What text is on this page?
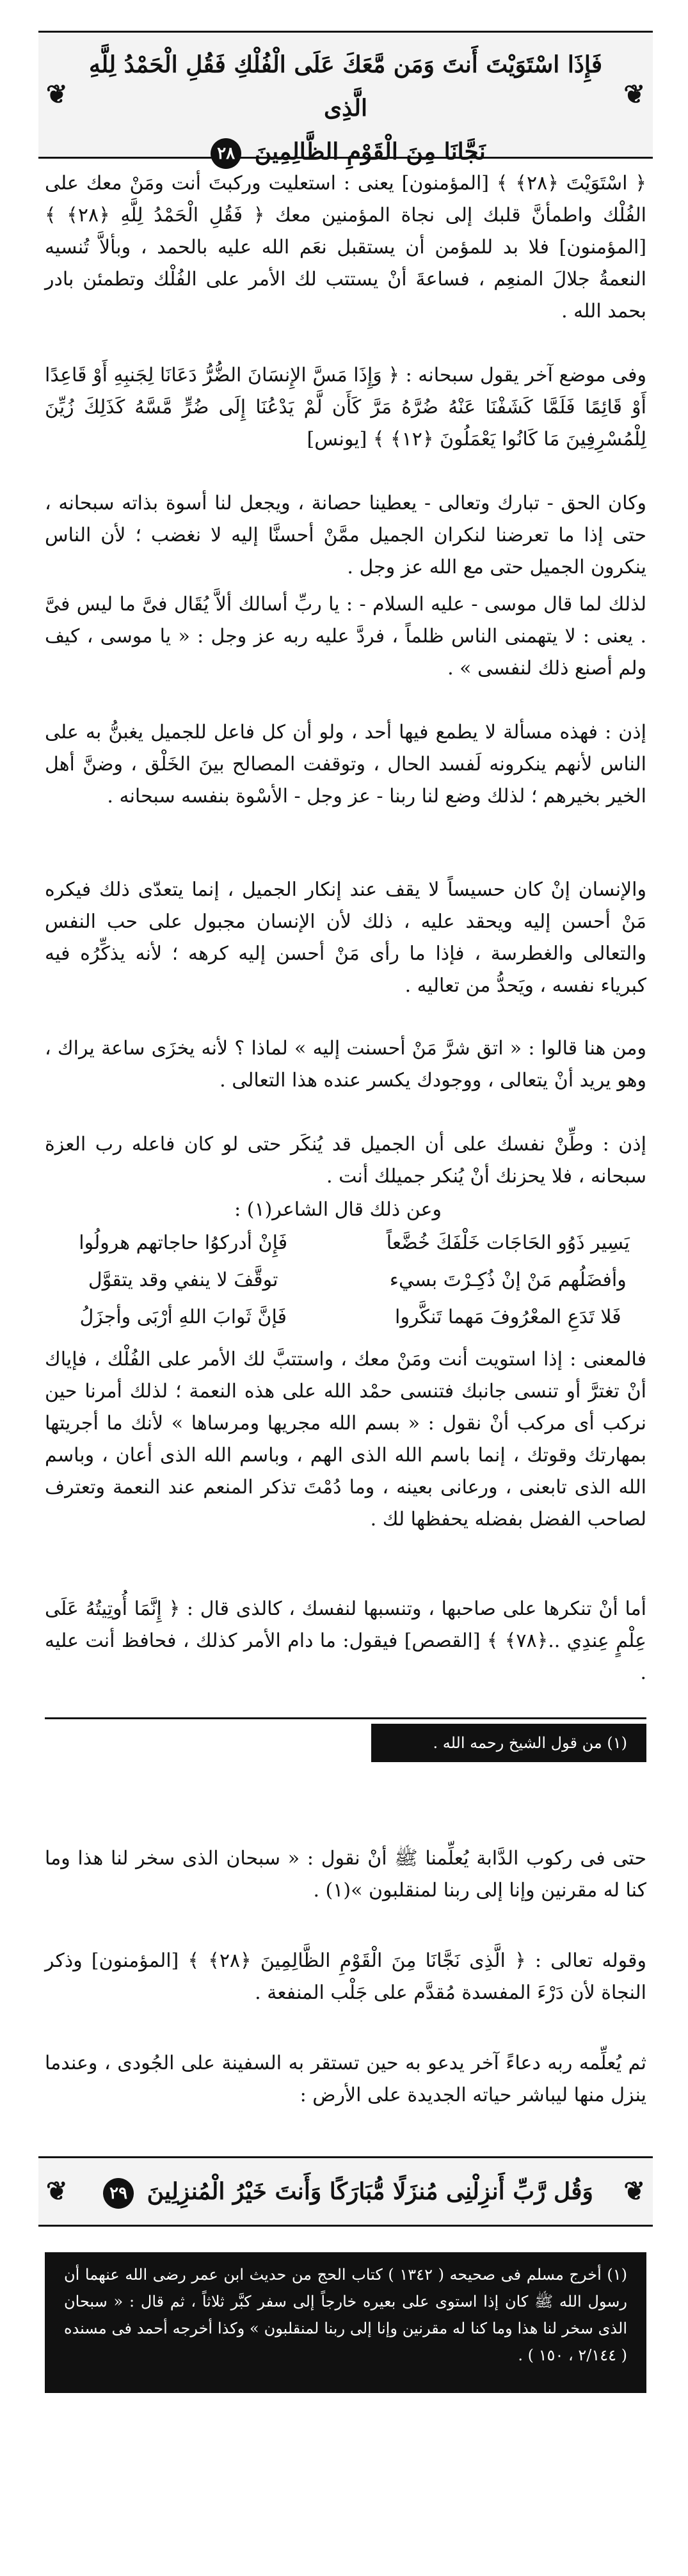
❦
❦
فَإِذَا اسْتَوَيْتَ أَنتَ وَمَن مَّعَكَ عَلَى الْفُلْكِ فَقُلِ الْحَمْدُ لِلَّهِ الَّذِى
نَجَّانَا مِنَ الْقَوْمِ الظَّالِمِينَ ٢٨
﴿ اسْتَوَيْتَ ﴿٢٨﴾ ﴾ [المؤمنون] يعنى : استعليت وركبتَ أنت ومَنْ معك على الفُلْك واطمأنَّ قلبك إلى نجاة المؤمنين معك ﴿ فَقُلِ الْحَمْدُ لِلَّهِ ﴿٢٨﴾ ﴾ [المؤمنون] فلا بد للمؤمن أن يستقبل نعَم الله عليه بالحمد ، وبألاَّ تُنسيه النعمةُ جلالَ المنعِم ، فساعةَ أنْ يستتب لك الأمر على الفُلْك وتطمئن بادر بحمد الله .
وفى موضع آخر يقول سبحانه : ﴿ وَإِذَا مَسَّ الإِنسَانَ الضُّرُّ دَعَانَا لِجَنبِهِ أَوْ قَاعِدًا أَوْ قَائِمًا فَلَمَّا كَشَفْنَا عَنْهُ ضُرَّهُ مَرَّ كَأَن لَّمْ يَدْعُنَا إِلَى ضُرٍّ مَّسَّهُ كَذَلِكَ زُيِّنَ لِلْمُسْرِفِينَ مَا كَانُوا يَعْمَلُونَ ﴿١٢﴾ ﴾ [يونس]
وكان الحق - تبارك وتعالى - يعطينا حصانة ، ويجعل لنا أسوة بذاته سبحانه ، حتى إذا ما تعرضنا لنكران الجميل ممَّنْ أحسنَّا إليه لا نغضب ؛ لأن الناس ينكرون الجميل حتى مع الله عز وجل .
لذلك لما قال موسى - عليه السلام - : يا ربِّ أسالك ألاَّ يُقَال فىَّ ما ليس فىَّ . يعنى : لا يتهمنى الناس ظلماً ، فردَّ عليه ربه عز وجل : « يا موسى ، كيف ولم أصنع ذلك لنفسى » .
إذن : فهذه مسألة لا يطمع فيها أحد ، ولو أن كل فاعل للجميل يغبنُّ به على الناس لأنهم ينكرونه لَفسد الحال ، وتوقفت المصالح بينَ الخَلْق ، وضنَّ أهل الخير بخيرهم ؛ لذلك وضع لنا ربنا - عز وجل - الأسْوة بنفسه سبحانه .
والإنسان إنْ كان حسيساً لا يقف عند إنكار الجميل ، إنما يتعدّى ذلك فيكره مَنْ أحسن إليه ويحقد عليه ، ذلك لأن الإنسان مجبول على حب النفس والتعالى والغطرسة ، فإذا ما رأى مَنْ أحسن إليه كرهه ؛ لأنه يذكِّرُه فيه كبرياء نفسه ، ويَحدُّ من تعاليه .
ومن هنا قالوا : « اتق شرَّ مَنْ أحسنت إليه » لماذا ؟ لأنه يخزَى ساعة يراك ، وهو يريد أنْ يتعالى ، ووجودك يكسر عنده هذا التعالى .
إذن : وطِّنْ نفسك على أن الجميل قد يُنكَر حتى لو كان فاعله رب العزة سبحانه ، فلا يحزنك أنْ يُنكر جميلك أنت .
وعن ذلك قال الشاعر(١) :
يَسِير ذَوُو الحَاجَات خَلْفَكَ خُضَّعاً
فَإِنْ أدركوُا حاجاتهم هرولُوا
وأفضَلُهم مَنْ إنْ ذُكِـرْتَ بسيء
توقَّفَ لا ينفي وقد يتقوَّل
فَلا تَدَعِ المعْرُوفَ مَهما تَنكَّروا
فَإنَّ ثَوابَ اللهِ أرْبَى وأجزَلُ
فالمعنى : إذا استويت أنت ومَنْ معك ، واستتبَّ لك الأمر على الفُلْك ، فإياك أنْ تغترَّ أو تنسى جانبك فتنسى حمْد الله على هذه النعمة ؛ لذلك أمرنا حين نركب أى مركب أنْ نقول : « بسم الله مجريها ومرساها » لأنك ما أجريتها بمهارتك وقوتك ، إنما باسم الله الذى الهم ، وباسم الله الذى أعان ، وباسم الله الذى تابعنى ، ورعانى بعينه ، وما دُمْتَ تذكر المنعم عند النعمة وتعترف لصاحب الفضل بفضله يحفظها لك .
أما أنْ تنكرها على صاحبها ، وتنسبها لنفسك ، كالذى قال : ﴿ إِنَّمَا أُوتِيتُهُ عَلَى عِلْمٍ عِندِي ..﴿٧٨﴾ ﴾ [القصص] فيقول: ما دام الأمر كذلك ، فحافظ أنت عليه .
(١) من قول الشيخ رحمه الله .
حتى فى ركوب الدَّابة يُعلِّمنا ﷺ أنْ نقول : « سبحان الذى سخر لنا هذا وما كنا له مقرنين وإنا إلى ربنا لمنقلبون »(١) .
وقوله تعالى : ﴿ الَّذِى نَجَّانَا مِنَ الْقَوْمِ الظَّالِمِينَ ﴿٢٨﴾ ﴾ [المؤمنون] وذكر النجاة لأن دَرْءَ المفسدة مُقدَّم على جَلْب المنفعة .
ثم يُعلِّمه ربه دعاءً آخر يدعو به حين تستقر به السفينة على الجُودى ، وعندما ينزل منها ليباشر حياته الجديدة على الأرض :
❦
❦	وَقُل رَّبِّ أَنزِلْنِى مُنزَلًا مُّبَارَكًا وَأَنتَ خَيْرُ الْمُنزِلِينَ ٢٩
(١) أخرج مسلم فى صحيحه ( ١٣٤٢ ) كتاب الحج من حديث ابن عمر رضى الله عنهما أن رسول الله ﷺ كان إذا استوى على بعيره خارجاً إلى سفر كبَّر ثلاثاً ، ثم قال : « سبحان الذى سخر لنا هذا وما كنا له مقرنين وإنا إلى ربنا لمنقلبون » وكذا أخرجه أحمد فى مسنده ( ٢/١٤٤ ، ١٥٠ ) .
